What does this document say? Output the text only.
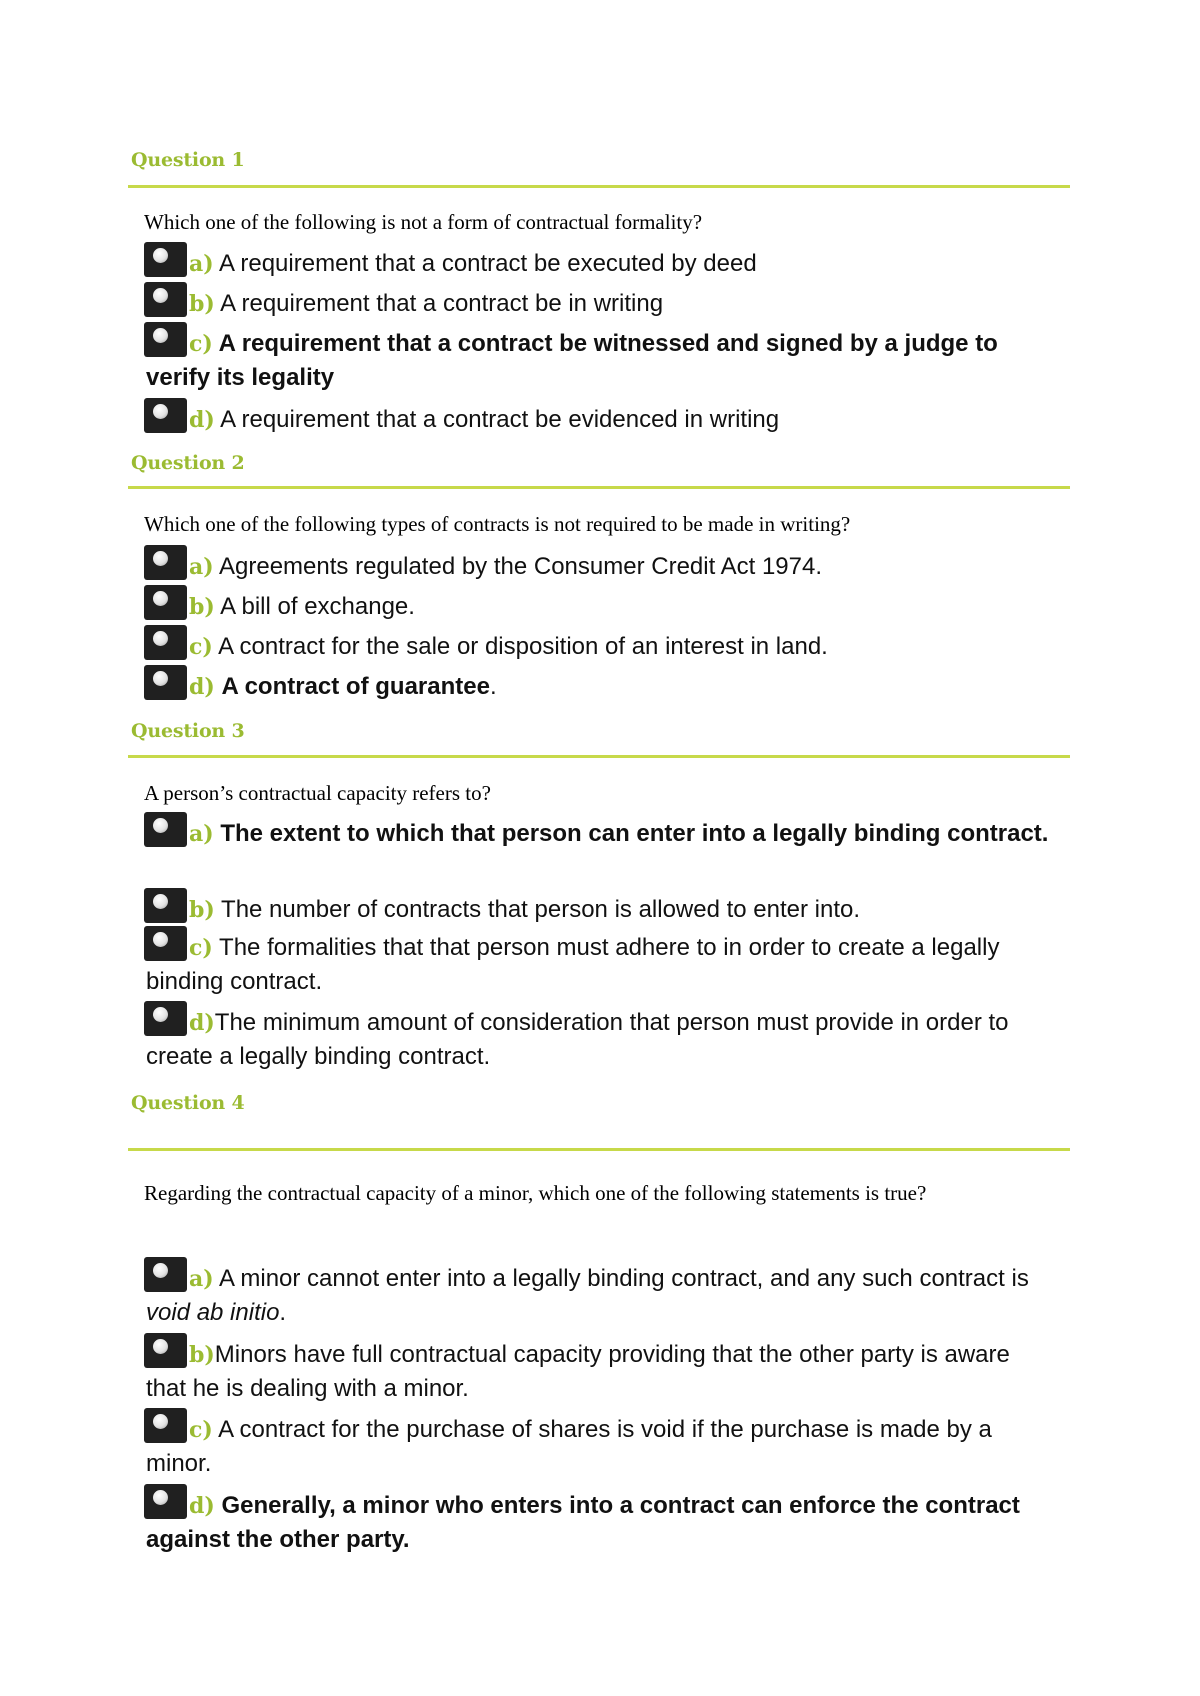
Question 1
Which one of the following is not a form of contractual formality?
a) A requirement that a contract be executed by deed
b) A requirement that a contract be in writing
c) A requirement that a contract be witnessed and signed by a judge to verify its legality
d) A requirement that a contract be evidenced in writing
Question 2
Which one of the following types of contracts is not required to be made in writing?
a) Agreements regulated by the Consumer Credit Act 1974.
b) A bill of exchange.
c) A contract for the sale or disposition of an interest in land.
d) A contract of guarantee.
Question 3
A person’s contractual capacity refers to?
a) The extent to which that person can enter into a legally binding contract.
b) The number of contracts that person is allowed to enter into.
c) The formalities that that person must adhere to in order to create a legally binding contract.
d)The minimum amount of consideration that person must provide in order to create a legally binding contract.
Question 4
Regarding the contractual capacity of a minor, which one of the following statements is true?
a) A minor cannot enter into a legally binding contract, and any such contract is void ab initio.
b)Minors have full contractual capacity providing that the other party is aware that he is dealing with a minor.
c) A contract for the purchase of shares is void if the purchase is made by a minor.
d) Generally, a minor who enters into a contract can enforce the contract against the other party.
